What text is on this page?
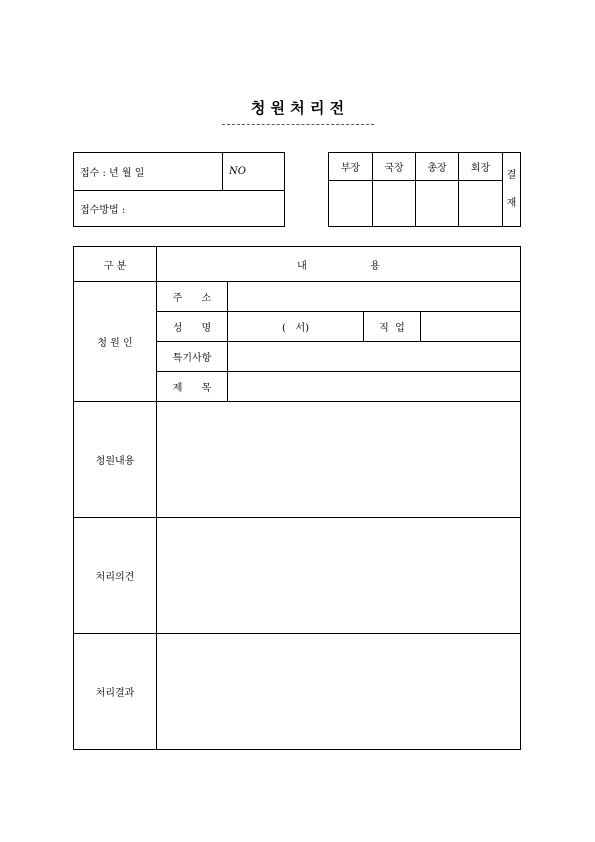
청 원 처 리 전
접수 : 년 월 일	NO
접수방법 :
부장	국장	총장	회장	결
재

구 분	내                    용			
청 원 인	주      소			
	성      명	(   서)	직  업	
	특기사항			
	제      목			
청원내용				
처리의견				
처리결과				
